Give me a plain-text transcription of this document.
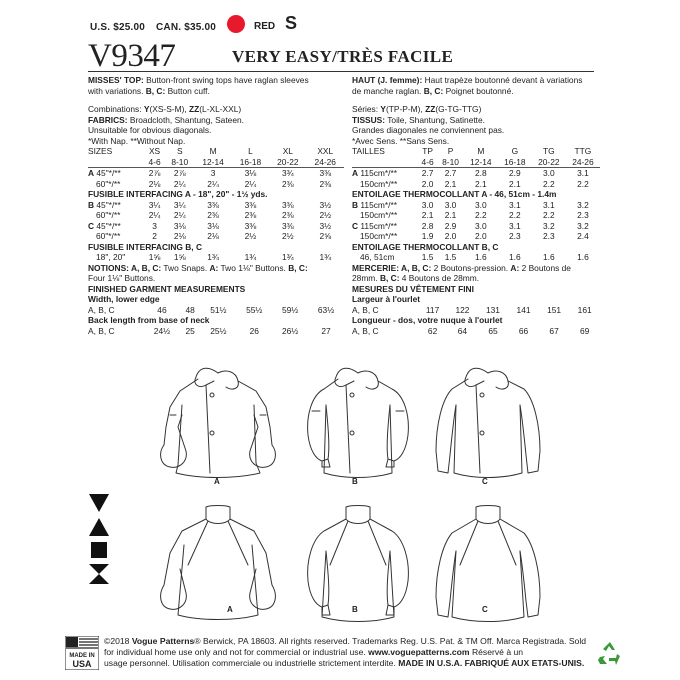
U.S. $25.00 CAN. $35.00	RED S
V9347	VERY EASY/TRÈS FACILE
MISSES' TOP: Button-front swing tops have raglan sleeves
with variations. B, C: Button cuff.
Combinations: Y(XS-S-M), ZZ(L-XL-XXL)
FABRICS: Broadcloth, Shantung, Sateen.
Unsuitable for obvious diagonals.
*With Nap. **Without Nap.
SIZES	XS	S	M	L	XL	XXL
	4-6	8-10	12-14	16-18	20-22	24-26
A 45"*/**	2⅞	2⅞	3	3⅛	3¾	3⅜
60"*/**	2⅛	2¼	2¼	2¼	2⅜	2⅜
FUSIBLE INTERFACING A - 18", 20" - 1½ yds.						
B 45"*/**	3¼	3¼	3⅜	3⅜	3⅜	3½
60"*/**	2¼	2¼	2⅜	2⅜	2⅜	2½
C 45"*/**	3	3⅛	3⅛	3⅜	3⅜	3½
60"*/**	2	2⅛	2⅛	2½	2½	2⅝
FUSIBLE INTERFACING B, C						
18", 20"	1⅝	1⅝	1¾	1¾	1¾	1¾
NOTIONS: A, B, C: Two Snaps. A: Two 1⅛" Buttons. B, C:
Four 1⅛" Buttons.
FINISHED GARMENT MEASUREMENTS
Width, lower edge						
A, B, C	46	48	51½	55½	59½	63½
Back length from base of neck						
A, B, C	24½	25	25½	26	26½	27
HAUT (J. femme): Haut trapèze boutonné devant à variations
de manche raglan. B, C: Poignet boutonné.
Séries: Y(TP-P-M), ZZ(G-TG-TTG)
TISSUS: Toile, Shantung, Satinette.
Grandes diagonales ne conviennent pas.
*Avec Sens. **Sans Sens.
TAILLES	TP	P	M	G	TG	TTG
	4-6	8-10	12-14	16-18	20-22	24-26
A 115cm*/**	2.7	2.7	2.8	2.9	3.0	3.1
150cm*/**	2.0	2.1	2.1	2.1	2.2	2.2
ENTOILAGE THERMOCOLLANT A - 46, 51cm - 1.4m						
B 115cm*/**	3.0	3.0	3.0	3.1	3.1	3.2
150cm*/**	2.1	2.1	2.2	2.2	2.2	2.3
C 115cm*/**	2.8	2.9	3.0	3.1	3.2	3.2
150cm*/**	1.9	2.0	2.0	2.3	2.3	2.4
ENTOILAGE THERMOCOLLANT B, C						
46, 51cm	1.5	1.5	1.6	1.6	1.6	1.6
MERCERIE: A, B, C: 2 Boutons-pression. A: 2 Boutons de
28mm. B, C: 4 Boutons de 28mm.
MESURES DU VÊTEMENT FINI
Largeur à l'ourlet						
A, B, C	117	122	131	141	151	161
Longueur - dos, votre nuque à l'ourlet						
A, B, C	62	64	65	66	67	69
A	B	C
A	B	C
MADE IN
USA
©2018 Vogue Patterns® Berwick, PA 18603. All rights reserved. Trademarks Reg. U.S. Pat. & TM Off. Marca Registrada. Sold
for individual home use only and not for commercial or industrial use. www.voguepatterns.com Réservé à un
usage personnel. Utilisation commerciale ou industrielle strictement interdite. MADE IN U.S.A. FABRIQUÉ AUX ETATS-UNIS.
